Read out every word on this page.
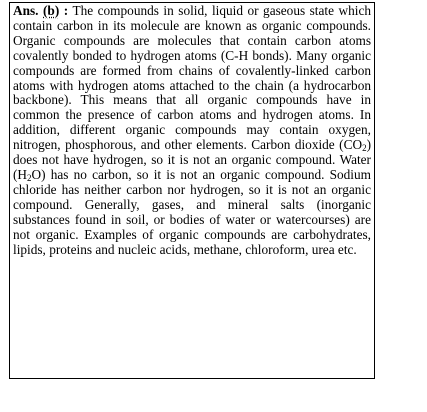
Ans. (b) : The compounds in solid, liquid or gaseous state which contain carbon in its molecule are known as organic compounds. Organic compounds are molecules that contain carbon atoms covalently bonded to hydrogen atoms (C-H bonds). Many organic compounds are formed from chains of covalently-linked carbon atoms with hydrogen atoms attached to the chain (a hydrocarbon backbone). This means that all organic compounds have in common the presence of carbon atoms and hydrogen atoms. In addition, different organic compounds may contain oxygen, nitrogen, phosphorous, and other elements. Carbon dioxide $(CO_2)$ does not have hydrogen, so it is not an organic compound. Water $(H_2O)$ has no carbon, so it is not an organic compound. Sodium chloride has neither carbon nor hydrogen, so it is not an organic compound. Generally, gases, and mineral salts (inorganic substances found in soil, or bodies of water or watercourses) are not organic. Examples of organic compounds are carbohydrates, lipids, proteins and nucleic acids, methane, chloroform, urea etc.
